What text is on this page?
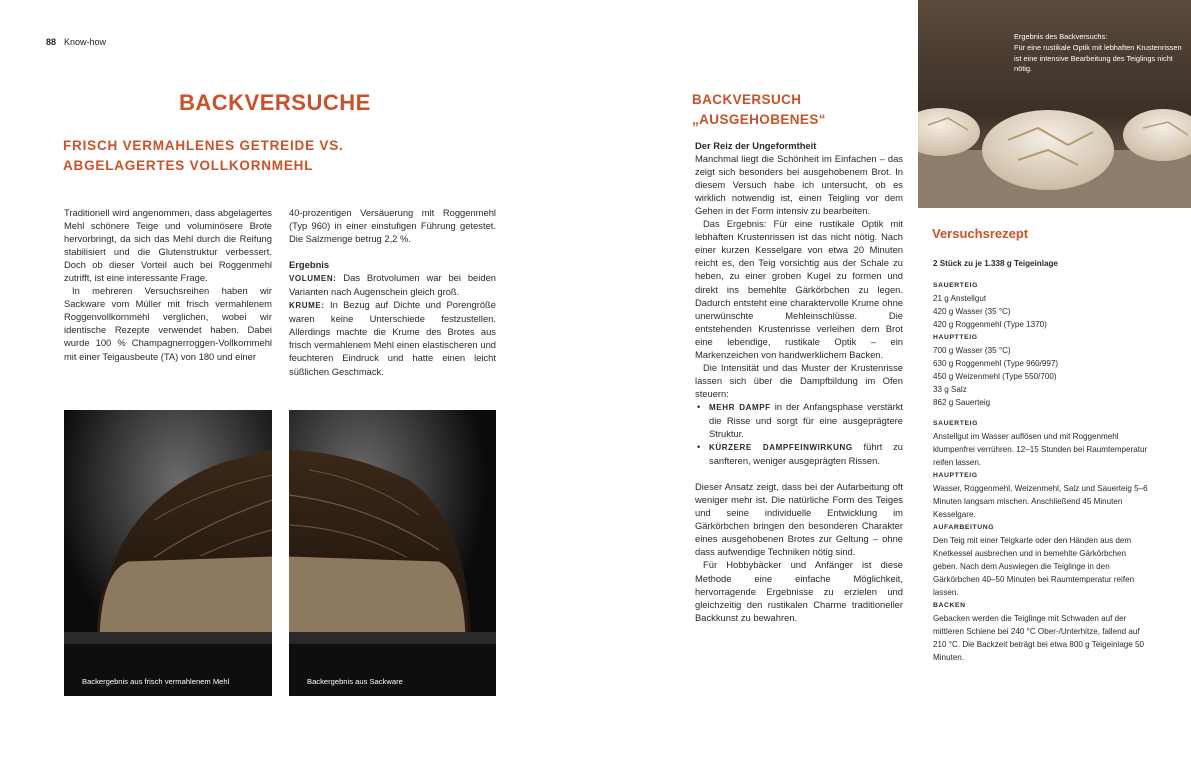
88 Know-how
BACKVERSUCHE
FRISCH VERMAHLENES GETREIDE VS.
ABGELAGERTES VOLLKORNMEHL

Traditionell wird angenommen, dass abgelagertes Mehl schönere Teige und voluminösere Brote hervorbringt, da sich das Mehl durch die Reifung stabilisiert und die Glutenstruktur verbessert. Doch ob dieser Vorteil auch bei Roggenmehl zutrifft, ist eine interessante Frage.

In mehreren Versuchsreihen haben wir Sackware vom Müller mit frisch vermahlenem Roggenvollkornmehl verglichen, wobei wir identische Rezepte verwendet haben. Dabei wurde 100 % Champagnerroggen-Vollkornmehl mit einer Teigausbeute (TA) von 180 und einer

40-prozentigen Versäuerung mit Roggenmehl (Typ 960) in einer einstufigen Führung getestet. Die Salzmenge betrug 2,2 %.

Ergebnis

VOLUMEN: Das Brotvolumen war bei beiden Varianten nach Augenschein gleich groß.

KRUME: In Bezug auf Dichte und Porengröße waren keine Unterschiede festzustellen. Allerdings machte die Krume des Brotes aus frisch vermahlenem Mehl einen elastischeren und feuchteren Eindruck und hatte einen leicht süßlichen Geschmack.

Backergebnis aus frisch vermahlenem Mehl	Backergebnis aus Sackware
BACKVERSUCH
„AUSGEHOBENES“

Der Reiz der Ungeformtheit

Manchmal liegt die Schönheit im Einfachen – das zeigt sich besonders bei ausgehobenem Brot. In diesem Versuch habe ich untersucht, ob es wirklich notwendig ist, einen Teigling vor dem Gehen in der Form intensiv zu bearbeiten.

Das Ergebnis: Für eine rustikale Optik mit lebhaften Krustenrissen ist das nicht nötig. Nach einer kurzen Kesselgare von etwa 20 Minuten reicht es, den Teig vorsichtig aus der Schale zu heben, zu einer groben Kugel zu formen und direkt ins bemehlte Gärkörbchen zu legen. Dadurch entsteht eine charaktervolle Krume ohne unerwünschte Mehleinschlüsse. Die entstehenden Krustenrisse verleihen dem Brot eine lebendige, rustikale Optik – ein Markenzeichen von handwerklichem Backen.

Die Intensität und das Muster der Krustenrisse lassen sich über die Dampfbildung im Ofen steuern:

• MEHR DAMPF in der Anfangsphase verstärkt die Risse und sorgt für eine ausgeprägtere Struktur.
• KÜRZERE DAMPFEINWIRKUNG führt zu sanfteren, weniger ausgeprägten Rissen.

Dieser Ansatz zeigt, dass bei der Aufarbeitung oft weniger mehr ist. Die natürliche Form des Teiges und seine individuelle Entwicklung im Gärkörbchen bringen den besonderen Charakter eines ausgehobenen Brotes zur Geltung – ohne dass aufwendige Techniken nötig sind.

Für Hobbybäcker und Anfänger ist diese Methode eine einfache Möglichkeit, hervorragende Ergebnisse zu erzielen und gleichzeitig den rustikalen Charme traditioneller Backkunst zu bewahren.

Ergebnis des Backversuchs:
Für eine rustikale Optik mit lebhaften Krustenrissen ist eine intensive Bearbeitung des Teiglings nicht nötig.
Versuchsrezept
2 Stück zu je 1.338 g Teigeinlage
SAUERTEIG
21 g Anstellgut
420 g Wasser (35 °C)
420 g Roggenmehl (Type 1370)
HAUPTTEIG
700 g Wasser (35 °C)
630 g Roggenmehl (Type 960/997)
450 g Weizenmehl (Type 550/700)
33 g Salz
862 g Sauerteig
SAUERTEIG
Anstellgut im Wasser auflösen und mit Roggenmehl klumpenfrei verrühren. 12–15 Stunden bei Raumtemperatur reifen lassen.
HAUPTTEIG
Wasser, Roggenmehl, Weizenmehl, Salz und Sauerteig 5–6 Minuten langsam mischen. Anschließend 45 Minuten Kesselgare.
AUFARBEITUNG
Den Teig mit einer Teigkarte oder den Händen aus dem Knetkessel ausbrechen und in bemehlte Gärkörbchen geben. Nach dem Auswiegen die Teiglinge in den Gärkörbchen 40–50 Minuten bei Raumtemperatur reifen lassen.
BACKEN
Gebacken werden die Teiglinge mit Schwaden auf der mittleren Schiene bei 240 °C Ober-/Unterhitze, fallend auf 210 °C. Die Backzeit beträgt bei etwa 800 g Teigeinlage 50 Minuten.
